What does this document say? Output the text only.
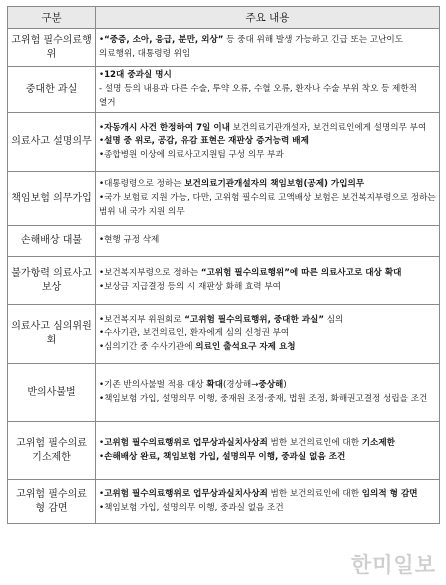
구분	주요 내용
고위험 필수의료행위	•“중증, 소아, 응급, 분만, 외상” 등 중대 위해 발생 가능하고 긴급 또는 고난이도 의료행위, 대통령령 위임

중대한 과실	•12대 중과실 명시
- 설명 등의 내용과 다른 수술, 투약 오류, 수혈 오류, 환자나 수술 부위 착오 등 제한적 열거

의료사고 설명의무	•자동개시 사건 한정하여 7일 이내 보건의료기관개설자, 보건의료인에게 설명의무 부여
•설명 중 위로, 공감, 유감 표현은 재판상 증거능력 배제
•종합병원 이상에 의료사고지원팀 구성 의무 부과

책임보험 의무가입	•대통령령으로 정하는 보건의료기관개설자의 책임보험(공제) 가입의무
•국가 보험료 지원 가능, 다만, 고위험 필수의료 고액배상 보험은 보건복지부령으로 정하는 범위 내 국가 지원 의무

손해배상 대불	•현행 규정 삭제

불가항력 의료사고 보상	•보건복지부령으로 정하는 “고위험 필수의료행위”에 따른 의료사고로 대상 확대
•보상금 지급결정 등의 시 재판상 화해 효력 부여

의료사고 심의위원회	•보건복지부 위원회로 “고위험 필수의료행위, 중대한 과실” 심의
•수사기관, 보건의료인, 환자에게 심의 신청권 부여
•심의기간 중 수사기관에 의료인 출석요구 자제 요청

반의사불벌	•기존 반의사불벌 적용 대상 확대(경상해→중상해)
•책임보험 가입, 설명의무 이행, 중재원 조정·중재, 법원 조정, 화해권고결정 성립을 조건

고위험 필수의료 기소제한	•고위험 필수의료행위로 업무상과실치사상죄 범한 보건의료인에 대한 기소제한
•손해배상 완료, 책임보험 가입, 설명의무 이행, 중과실 없음 조건

고위험 필수의료 형 감면	•고위험 필수의료행위로 업무상과실치사상죄 범한 보건의료인에 대한 임의적 형 감면
•책임보험 가입, 설명의무 이행, 중과실 없음 조건
한미일보
